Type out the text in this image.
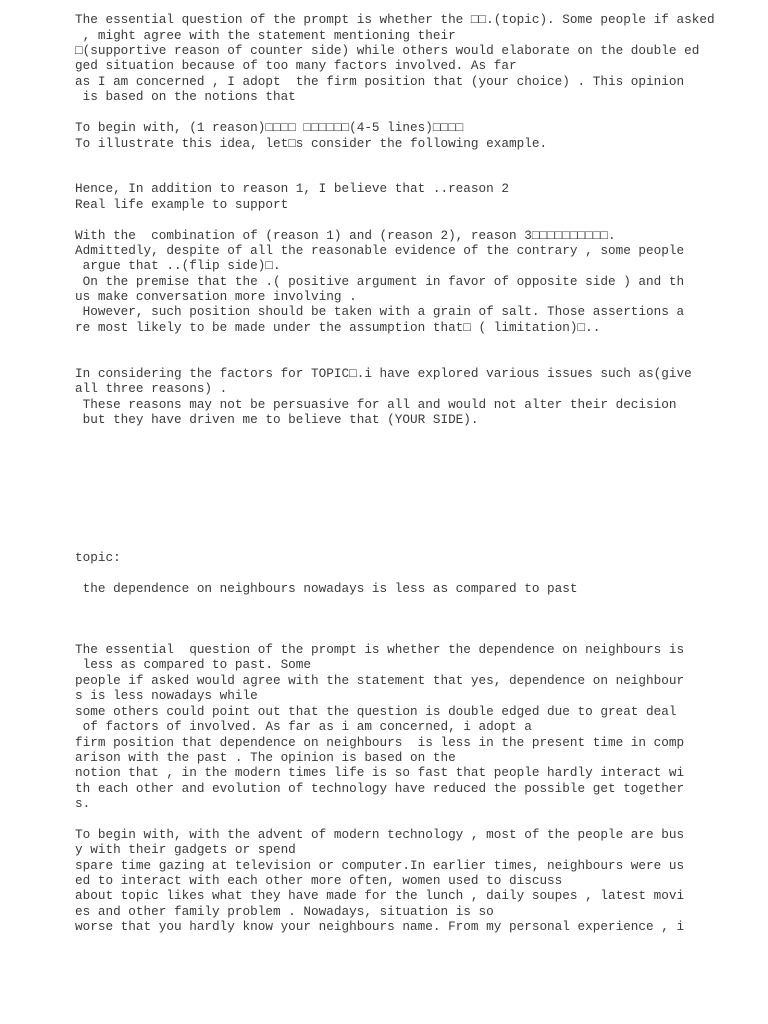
The essential question of the prompt is whether the □□.(topic). Some people if asked

, might agree with the statement mentioning their

□(supportive reason of counter side) while others would elaborate on the double ed

ged situation because of too many factors involved. As far

as I am concerned , I adopt  the firm position that (your choice) . This opinion

is based on the notions that

To begin with, (1 reason)□□□□ □□□□□□(4-5 lines)□□□□

To illustrate this idea, let□s consider the following example.

Hence, In addition to reason 1, I believe that ..reason 2

Real life example to support

With the  combination of (reason 1) and (reason 2), reason 3□□□□□□□□□□.

Admittedly, despite of all the reasonable evidence of the contrary , some people

argue that ..(flip side)□.

On the premise that the .( positive argument in favor of opposite side ) and th

us make conversation more involving .

However, such position should be taken with a grain of salt. Those assertions a

re most likely to be made under the assumption that□ ( limitation)□..

In considering the factors for TOPIC□.i have explored various issues such as(give

all three reasons) .

These reasons may not be persuasive for all and would not alter their decision

but they have driven me to believe that (YOUR SIDE).

topic:

the dependence on neighbours nowadays is less as compared to past

The essential  question of the prompt is whether the dependence on neighbours is

less as compared to past. Some

people if asked would agree with the statement that yes, dependence on neighbour

s is less nowadays while

some others could point out that the question is double edged due to great deal

of factors of involved. As far as i am concerned, i adopt a

firm position that dependence on neighbours  is less in the present time in comp

arison with the past . The opinion is based on the

notion that , in the modern times life is so fast that people hardly interact wi

th each other and evolution of technology have reduced the possible get together

s.

To begin with, with the advent of modern technology , most of the people are bus

y with their gadgets or spend

spare time gazing at television or computer.In earlier times, neighbours were us

ed to interact with each other more often, women used to discuss

about topic likes what they have made for the lunch , daily soupes , latest movi

es and other family problem . Nowadays, situation is so

worse that you hardly know your neighbours name. From my personal experience , i
